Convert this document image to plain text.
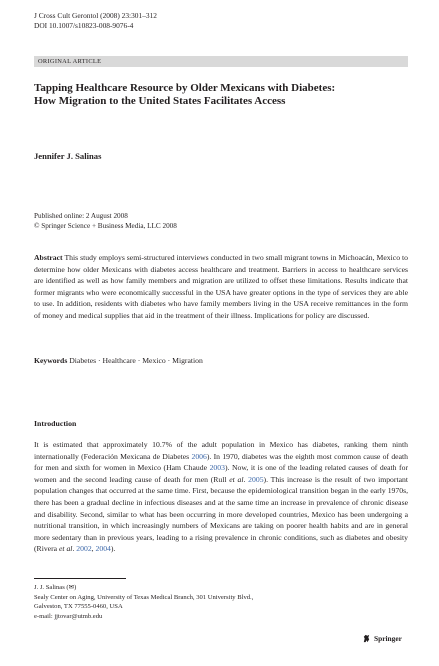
J Cross Cult Gerontol (2008) 23:301–312
DOI 10.1007/s10823-008-9076-4
ORIGINAL ARTICLE
Tapping Healthcare Resource by Older Mexicans with Diabetes: How Migration to the United States Facilitates Access
Jennifer J. Salinas
Published online: 2 August 2008
© Springer Science + Business Media, LLC 2008
Abstract This study employs semi-structured interviews conducted in two small migrant towns in Michoacán, Mexico to determine how older Mexicans with diabetes access healthcare and treatment. Barriers in access to healthcare services are identified as well as how family members and migration are utilized to offset these limitations. Results indicate that former migrants who were economically successful in the USA have greater options in the type of services they are able to use. In addition, residents with diabetes who have family members living in the USA receive remittances in the form of money and medical supplies that aid in the treatment of their illness. Implications for policy are discussed.
Keywords Diabetes · Healthcare · Mexico · Migration
Introduction
It is estimated that approximately 10.7% of the adult population in Mexico has diabetes, ranking them ninth internationally (Federación Mexicana de Diabetes 2006). In 1970, diabetes was the eighth most common cause of death for men and sixth for women in Mexico (Ham Chaude 2003). Now, it is one of the leading related causes of death for women and the second leading cause of death for men (Rull et al. 2005). This increase is the result of two important population changes that occurred at the same time. First, because the epidemiological transition began in the early 1970s, there has been a gradual decline in infectious diseases and at the same time an increase in prevalence of chronic disease and disability. Second, similar to what has been occurring in more developed countries, Mexico has been undergoing a nutritional transition, in which increasingly numbers of Mexicans are taking on poorer health habits and are in general more sedentary than in previous years, leading to a rising prevalence in chronic conditions, such as diabetes and obesity (Rivera et al. 2002, 2004).
J. J. Salinas (✉)
Sealy Center on Aging, University of Texas Medical Branch, 301 University Blvd.,
Galveston, TX 77555-0460, USA
e-mail: jjtovar@utmb.edu
Springer
